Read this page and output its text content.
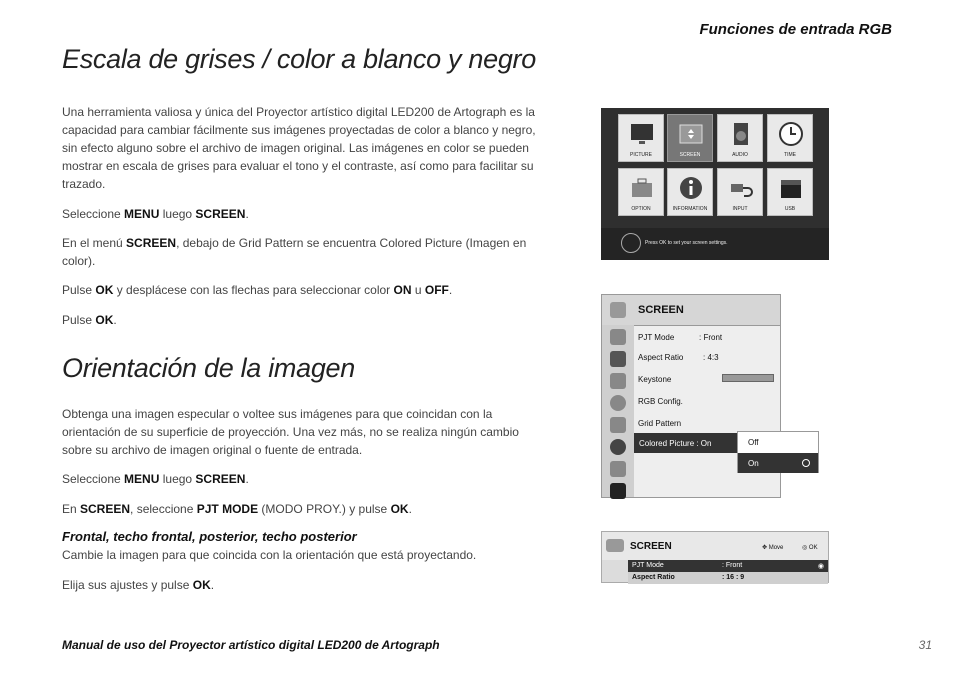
Funciones de entrada RGB
Escala de grises / color a blanco y negro
Una herramienta valiosa y única del Proyector artístico digital LED200 de Artograph es la capacidad para cambiar fácilmente sus imágenes proyectadas de color a blanco y negro, sin efecto alguno sobre el archivo de imagen original. Las imágenes en color se pueden mostrar en escala de grises para evaluar el tono y el contraste, así como para facilitar su trazado.
Seleccione MENU luego SCREEN.
En el menú SCREEN, debajo de Grid Pattern se encuentra Colored Picture (Imagen en color).
Pulse OK y desplácese con las flechas para seleccionar color ON u OFF.
Pulse OK.
Orientación de la imagen
Obtenga una imagen especular o voltee sus imágenes para que coincidan con la orientación de su superficie de proyección. Una vez más, no se realiza ningún cambio sobre su archivo de imagen original o fuente de entrada.
Seleccione MENU luego SCREEN.
En SCREEN, seleccione PJT MODE (MODO PROY.) y pulse OK.
Frontal, techo frontal, posterior, techo posterior
Cambie la imagen para que coincida con la orientación que está proyectando.
Elija sus ajustes y pulse OK.
PICTURE	SCREEN	AUDIO	TIME
OPTION	INFORMATION	INPUT	USB
Press OK to set your screen settings.
SCREEN
PJT Mode	: Front
Aspect Ratio : 4:3
Keystone
RGB Config.
Grid Pattern
Colored Picture : On	Off
On
SCREEN	✥ Move	◎ OK
PJT Mode	: Front	◉
Aspect Ratio	: 16 : 9
Manual de uso del Proyector artístico digital LED200 de Artograph	31
